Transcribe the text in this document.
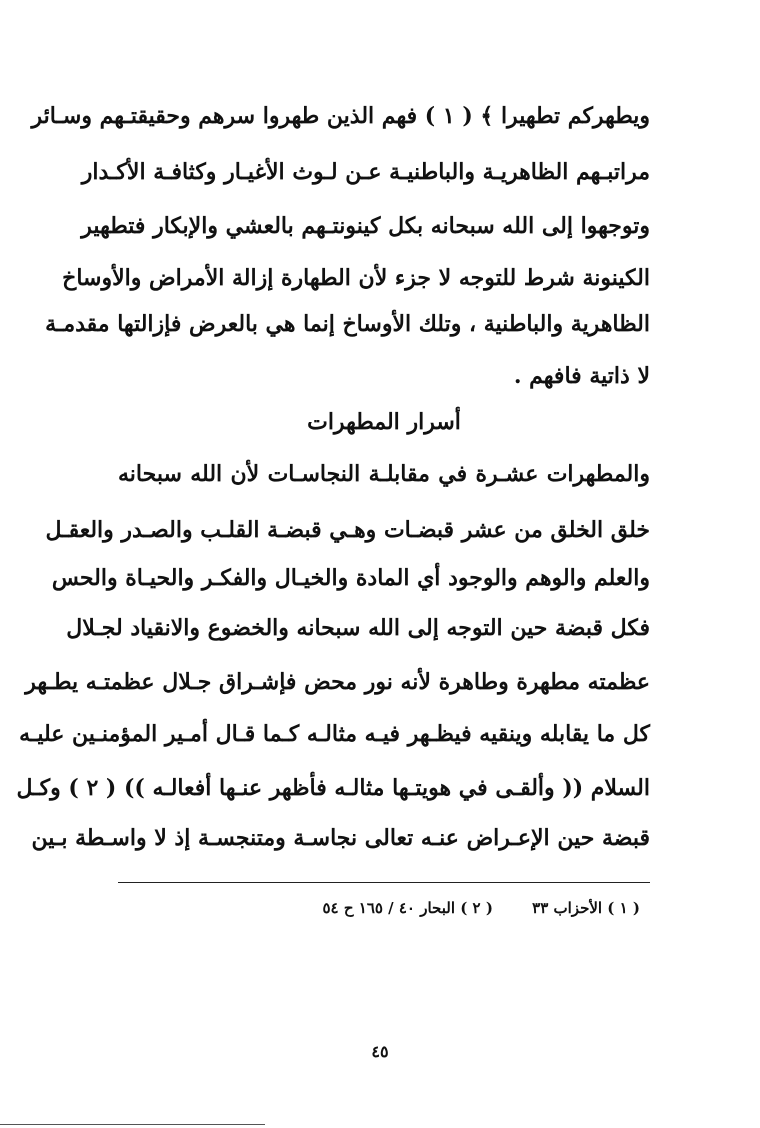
ويطهركم تطهيرا ﴾ ( ١ ) فهم الذين طهروا سرهم وحقيقتـهم وسـائر
مراتبـهم الظاهريـة والباطنيـة عـن لـوث الأغيـار وكثافـة الأكـدار
وتوجهوا إلى الله سبحانه بكل كينونتـهم بالعشي والإبكار فتطهير
الكينونة شرط للتوجه لا جزء لأن الطهارة إزالة الأمراض والأوساخ
الظاهرية والباطنية ، وتلك الأوساخ إنما هي بالعرض فإزالتها مقدمـة
لا ذاتية فافهم .
أسرار المطهرات
والمطهرات عشـرة في مقابلـة النجاسـات لأن الله سبحانه
خلق الخلق من عشر قبضـات وهـي قبضـة القلـب والصـدر والعقـل
والعلم والوهم والوجود أي المادة والخيـال والفكـر والحيـاة والحس
فكل قبضة حين التوجه إلى الله سبحانه والخضوع والانقياد لجـلال
عظمته مطهرة وطاهرة لأنه نور محض فإشـراق جـلال عظمتـه يطـهر
كل ما يقابله وينقيه فيظـهر فيـه مثالـه كـما قـال أمـير المؤمنـين عليـه
السلام (( وألقـى في هويتـها مثالـه فأظهر عنـها أفعالـه )) ( ٢ ) وكـل
قبضة حين الإعـراض عنـه تعالى نجاسـة ومتنجسـة إذ لا واسـطة بـين
( ١ ) الأحزاب ٣٣ ( ٢ ) البحار ٤٠ / ١٦٥ ح ٥٤
٤٥
